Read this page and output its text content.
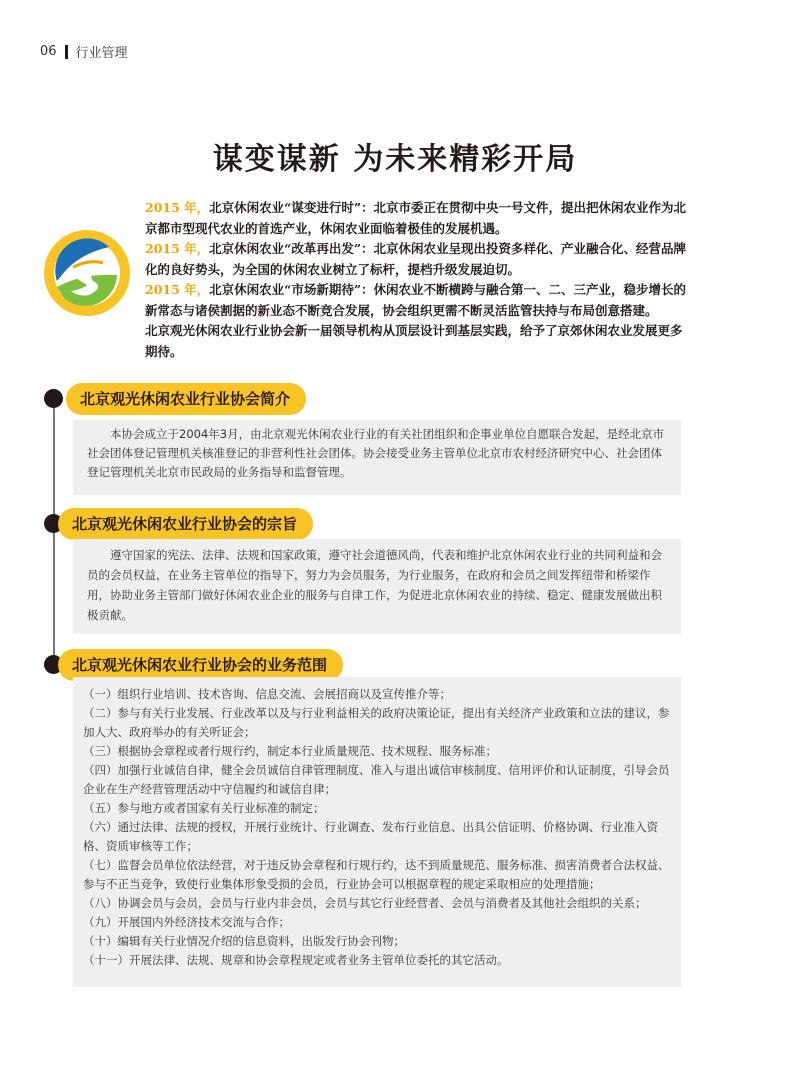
06 行业管理
谋变谋新 为未来精彩开局

2015 年，北京休闲农业“谋变进行时”：北京市委正在贯彻中央一号文件，提出把休闲农业作为北京都市型现代农业的首选产业，休闲农业面临着极佳的发展机遇。

2015 年，北京休闲农业“改革再出发”：北京休闲农业呈现出投资多样化、产业融合化、经营品牌化的良好势头，为全国的休闲农业树立了标杆，提档升级发展迫切。

2015 年，北京休闲农业“市场新期待”：休闲农业不断横跨与融合第一、二、三产业，稳步增长的新常态与诸侯割据的新业态不断竞合发展，协会组织更需不断灵活监管扶持与布局创意搭建。

北京观光休闲农业行业协会新一届领导机构从顶层设计到基层实践，给予了京郊休闲农业发展更多期待。

北京观光休闲农业行业协会简介

本协会成立于2004年3月，由北京观光休闲农业行业的有关社团组织和企事业单位自愿联合发起，是经北京市社会团体登记管理机关核准登记的非营利性社会团体。协会接受业务主管单位北京市农村经济研究中心、社会团体登记管理机关北京市民政局的业务指导和监督管理。

北京观光休闲农业行业协会的宗旨

遵守国家的宪法、法律、法规和国家政策，遵守社会道德风尚，代表和维护北京休闲农业行业的共同利益和会员的会员权益，在业务主管单位的指导下，努力为会员服务，为行业服务，在政府和会员之间发挥纽带和桥梁作用，协助业务主管部门做好休闲农业企业的服务与自律工作，为促进北京休闲农业的持续、稳定、健康发展做出积极贡献。

北京观光休闲农业行业协会的业务范围

（一）组织行业培训、技术咨询、信息交流、会展招商以及宣传推介等；

（二）参与有关行业发展、行业改革以及与行业利益相关的政府决策论证，提出有关经济产业政策和立法的建议，参加人大、政府举办的有关听证会；

（三）根据协会章程或者行规行约，制定本行业质量规范、技术规程、服务标准；

（四）加强行业诚信自律，健全会员诚信自律管理制度、准入与退出诚信审核制度、信用评价和认证制度，引导会员企业在生产经营管理活动中守信履约和诚信自律；

（五）参与地方或者国家有关行业标准的制定；

（六）通过法律、法规的授权，开展行业统计、行业调查、发布行业信息、出具公信证明、价格协调、行业准入资格、资质审核等工作；

（七）监督会员单位依法经营，对于违反协会章程和行规行约，达不到质量规范、服务标准、损害消费者合法权益、参与不正当竞争，致使行业集体形象受损的会员，行业协会可以根据章程的规定采取相应的处理措施；

（八）协调会员与会员，会员与行业内非会员，会员与其它行业经营者、会员与消费者及其他社会组织的关系；

（九）开展国内外经济技术交流与合作；

（十）编辑有关行业情况介绍的信息资料，出版发行协会刊物；

（十一）开展法律、法规、规章和协会章程规定或者业务主管单位委托的其它活动。
